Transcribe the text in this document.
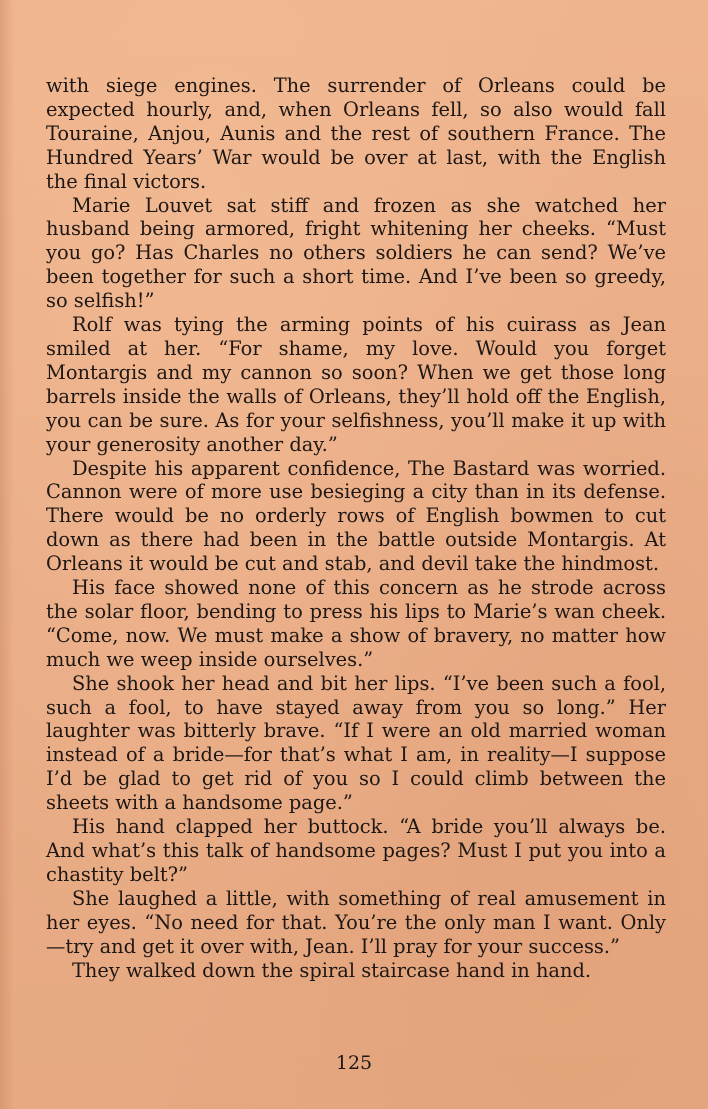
with siege engines. The surrender of Orleans could be expected hourly, and, when Orleans fell, so also would fall Touraine, Anjou, Aunis and the rest of southern France. The Hundred Years’ War would be over at last, with the English the final victors.

Marie Louvet sat stiff and frozen as she watched her husband being armored, fright whitening her cheeks. “Must you go? Has Charles no others soldiers he can send? We’ve been together for such a short time. And I’ve been so greedy, so selfish!”

Rolf was tying the arming points of his cuirass as Jean smiled at her. “For shame, my love. Would you forget Montargis and my cannon so soon? When we get those long barrels inside the walls of Orleans, they’ll hold off the English, you can be sure. As for your selfishness, you’ll make it up with your generosity another day.”

Despite his apparent confidence, The Bastard was worried. Cannon were of more use besieging a city than in its defense. There would be no orderly rows of English bowmen to cut down as there had been in the battle outside Montargis. At Orleans it would be cut and stab, and devil take the hindmost.

His face showed none of this concern as he strode across the solar floor, bending to press his lips to Marie’s wan cheek. “Come, now. We must make a show of bravery, no matter how much we weep inside ourselves.”

She shook her head and bit her lips. “I’ve been such a fool, such a fool, to have stayed away from you so long.” Her laughter was bitterly brave. “If I were an old married woman instead of a bride—for that’s what I am, in reality—I suppose I’d be glad to get rid of you so I could climb between the sheets with a handsome page.”

His hand clapped her buttock. “A bride you’ll always be. And what’s this talk of handsome pages? Must I put you into a chastity belt?”

She laughed a little, with something of real amusement in her eyes. “No need for that. You’re the only man I want. Only—try and get it over with, Jean. I’ll pray for your success.”

They walked down the spiral staircase hand in hand.

125
